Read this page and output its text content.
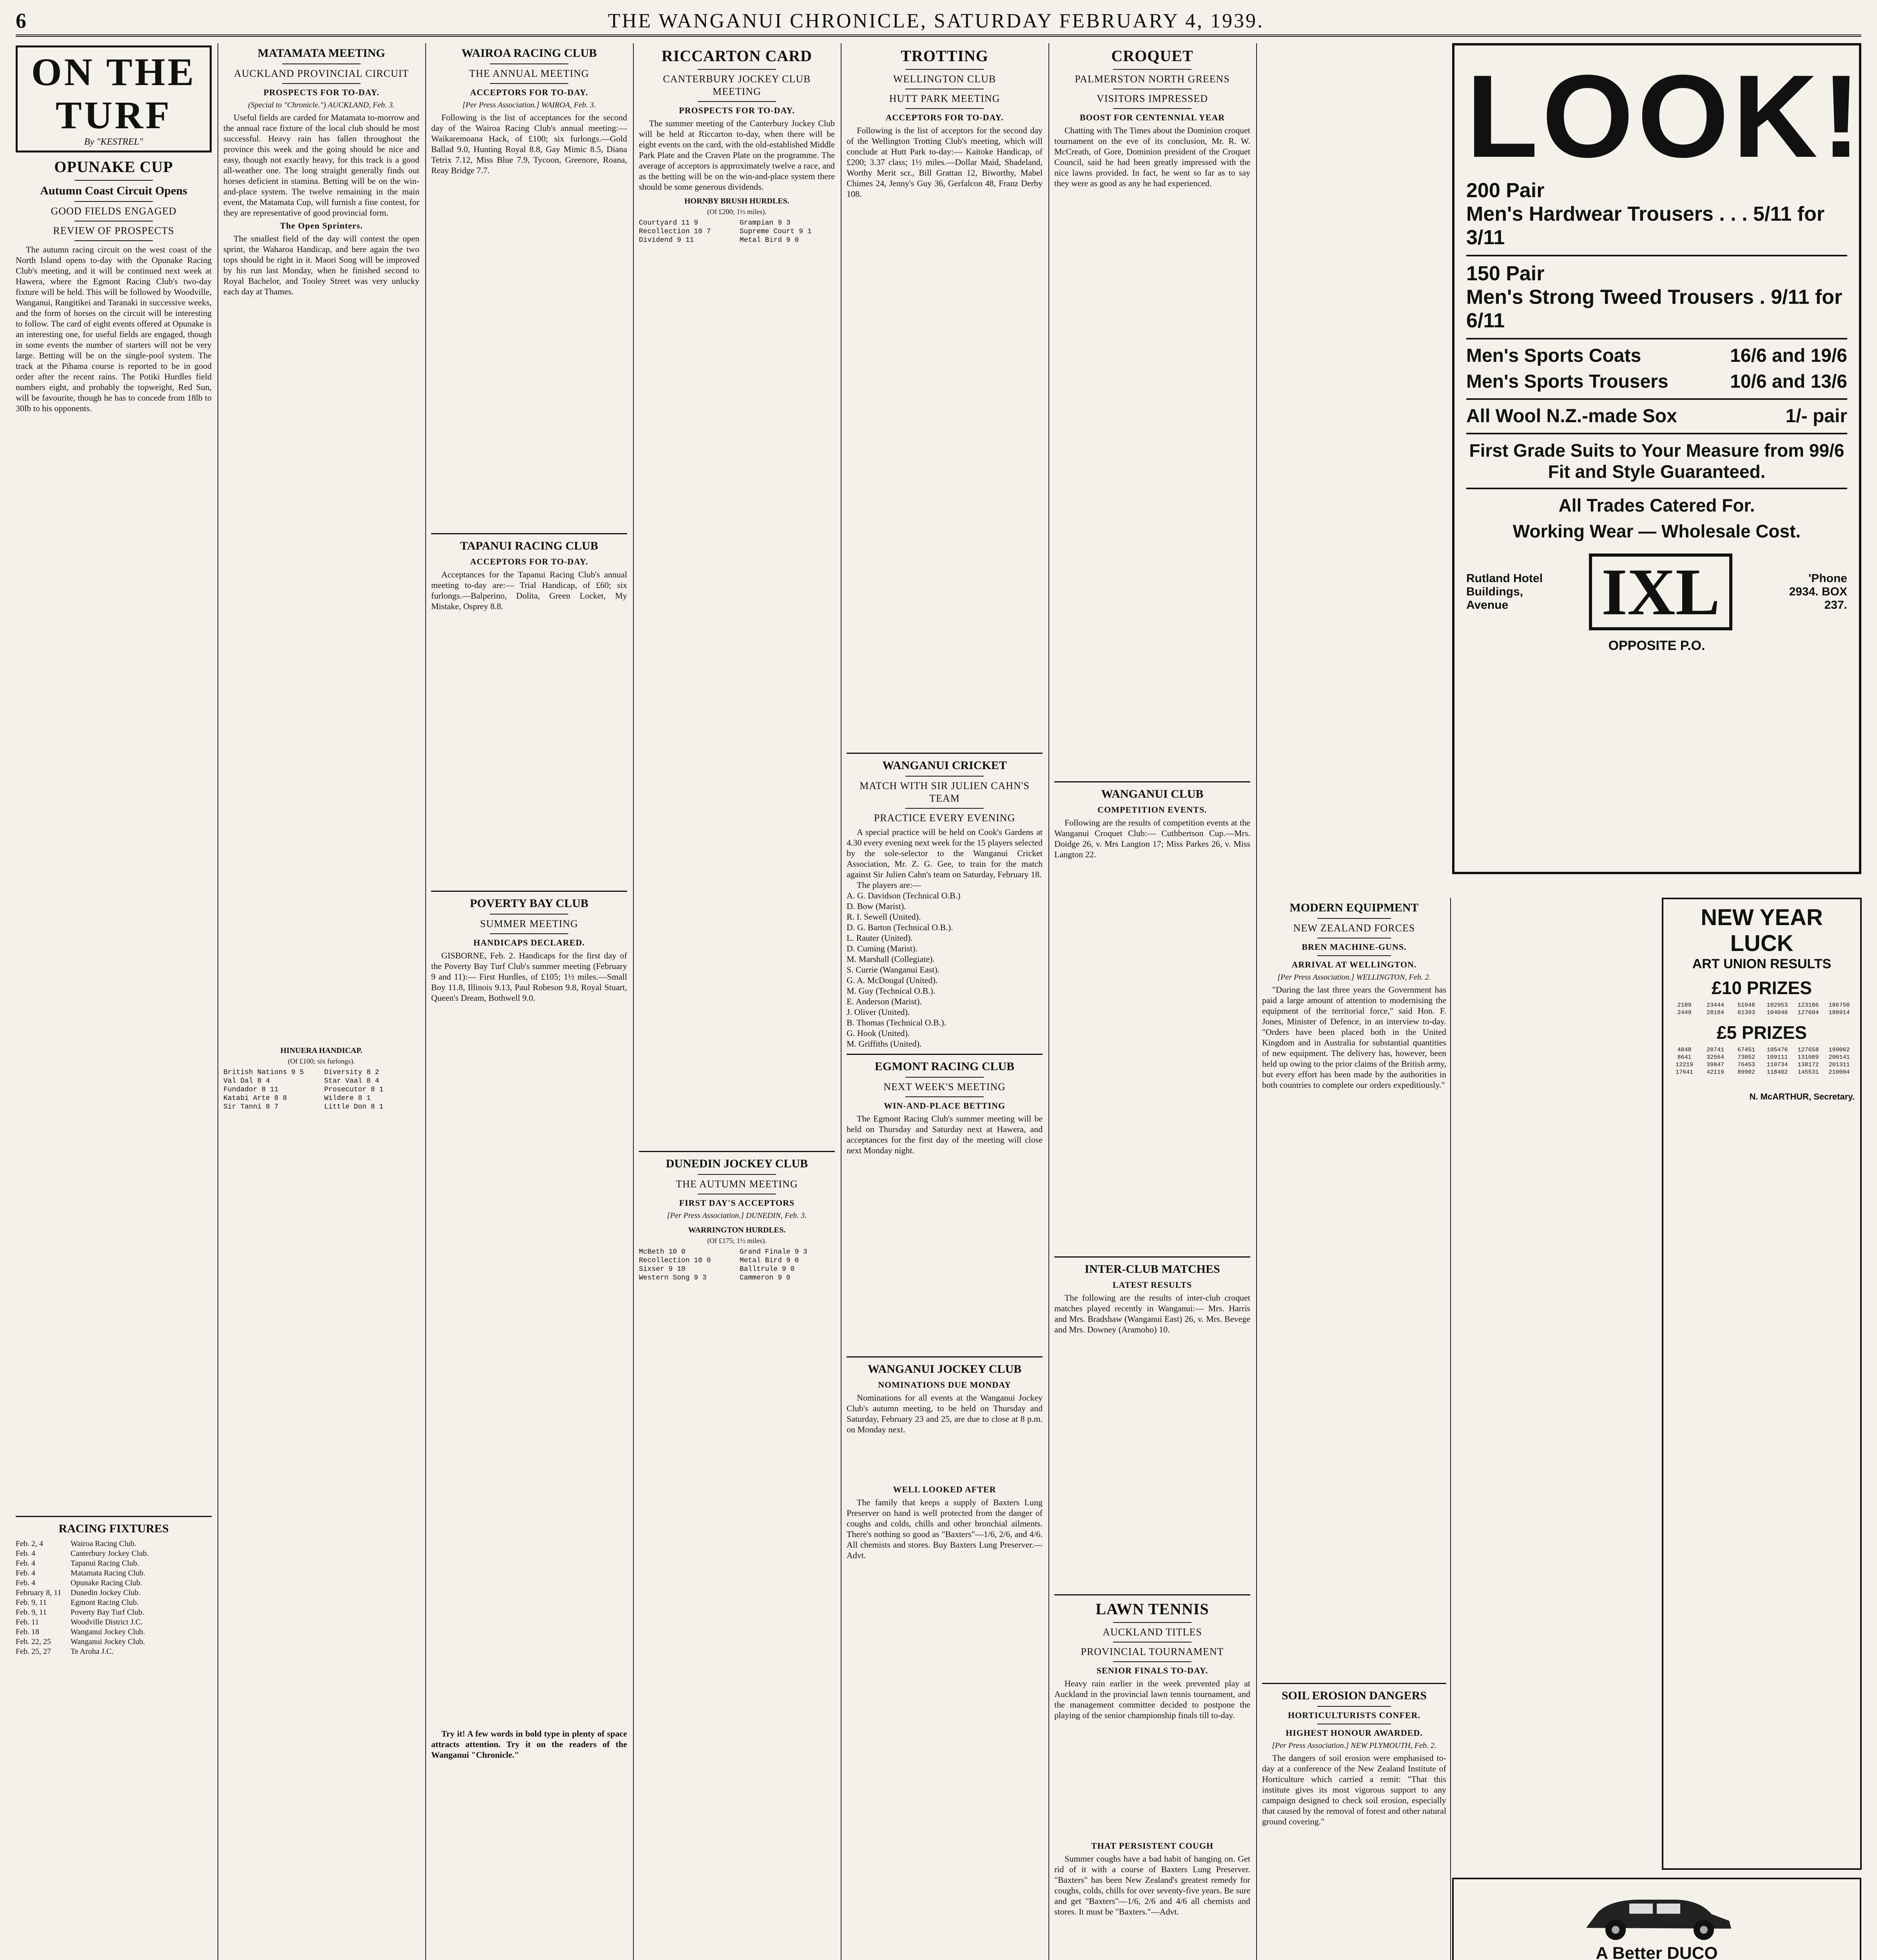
6	THE WANGANUI CHRONICLE, SATURDAY FEBRUARY 4, 1939.
ON THE TURF
By "KESTREL"
OPUNAKE CUP
Autumn Coast Circuit Opens
GOOD FIELDS ENGAGED
REVIEW OF PROSPECTS

The autumn racing circuit on the west coast of the North Island opens to-day with the Opunake Racing Club's meeting, and it will be continued next week at Hawera, where the Egmont Racing Club's two-day fixture will be held. This will be followed by Woodville, Wanganui, Rangitikei and Taranaki in successive weeks, and the form of horses on the circuit will be interesting to follow. The card of eight events offered at Opunake is an interesting one, for useful fields are engaged, though in some events the number of starters will not be very large. Betting will be on the single-pool system. The track at the Pihama course is reported to be in good order after the recent rains. The Potiki Hurdles field numbers eight, and probably the topweight, Red Sun, will be favourite, though he has to concede from 18lb to 30lb to his opponents.

RACING FIXTURES
Feb. 2, 4	Wairoa Racing Club.
Feb. 4	Canterbury Jockey Club.
Feb. 4	Tapanui Racing Club.
Feb. 4	Matamata Racing Club.
Feb. 4	Opunake Racing Club.
February 8, 11	Dunedin Jockey Club.
Feb. 9, 11	Egmont Racing Club.
Feb. 9, 11	Poverty Bay Turf Club.
Feb. 11	Woodville District J.C.
Feb. 18	Wanganui Jockey Club.
Feb. 22, 25	Wanganui Jockey Club.
Feb. 25, 27	Te Aroha J.C.
MATAMATA MEETING
AUCKLAND PROVINCIAL CIRCUIT
PROSPECTS FOR TO-DAY.
(Special to "Chronicle.") AUCKLAND, Feb. 3.

Useful fields are carded for Matamata to-morrow and the annual race fixture of the local club should be most successful. Heavy rain has fallen throughout the province this week and the going should be nice and easy, though not exactly heavy, for this track is a good all-weather one. The long straight generally finds out horses deficient in stamina. Betting will be on the win-and-place system. The twelve remaining in the main event, the Matamata Cup, will furnish a fine contest, for they are representative of good provincial form.

The Open Sprinters.

The smallest field of the day will contest the open sprint, the Waharoa Handicap, and here again the two tops should be right in it. Maori Song will be improved by his run last Monday, when he finished second to Royal Bachelor, and Tooley Street was very unlucky each day at Thames.

HINUERA HANDICAP.
(Of £100; six furlongs).
British Nations 9 5	Diversity 8 2
Val Dal 8 4	Star Vaal 8 4
Fundador 8 11	Prosecutor 8 1
Katabi Arte 8 8	Wildere 8 1
Sir Tanni 8 7	Little Don 8 1
WAIROA RACING CLUB
THE ANNUAL MEETING
ACCEPTORS FOR TO-DAY.
[Per Press Association.] WAIROA, Feb. 3.

Following is the list of acceptances for the second day of the Wairoa Racing Club's annual meeting:— Waikaremoana Hack, of £100; six furlongs.—Gold Ballad 9.0, Hunting Royal 8.8, Gay Mimic 8.5, Diana Tetrix 7.12, Miss Blue 7.9, Tycoon, Greenore, Roana, Reay Bridge 7.7.

TAPANUI RACING CLUB
ACCEPTORS FOR TO-DAY.

Acceptances for the Tapanui Racing Club's annual meeting to-day are:— Trial Handicap, of £60; six furlongs.—Balperino, Dolita, Green Locket, My Mistake, Osprey 8.8.

POVERTY BAY CLUB
SUMMER MEETING
HANDICAPS DECLARED.

GISBORNE, Feb. 2. Handicaps for the first day of the Poverty Bay Turf Club's summer meeting (February 9 and 11):— First Hurdles, of £105; 1½ miles.—Small Boy 11.8, Illinois 9.13, Paul Robeson 9.8, Royal Stuart, Queen's Dream, Bothwell 9.0.

Try it! A few words in bold type in plenty of space attracts attention. Try it on the readers of the Wanganui "Chronicle."

RICCARTON CARD
CANTERBURY JOCKEY CLUB MEETING
PROSPECTS FOR TO-DAY.

The summer meeting of the Canterbury Jockey Club will be held at Riccarton to-day, when there will be eight events on the card, with the old-established Middle Park Plate and the Craven Plate on the programme. The average of acceptors is approximately twelve a race, and as the betting will be on the win-and-place system there should be some generous dividends.

HORNBY BRUSH HURDLES.
(Of £200; 1½ miles).
Courtyard 11 9	Grampian 9 3
Recollection 10 7	Supreme Court 9 1
Dividend 9 11	Metal Bird 9 0
DUNEDIN JOCKEY CLUB
THE AUTUMN MEETING
FIRST DAY'S ACCEPTORS
[Per Press Association.] DUNEDIN, Feb. 3.
WARRINGTON HURDLES.
(Of £175; 1½ miles).
McBeth 10 0	Grand Finale 9 3
Recollection 10 0	Metal Bird 9 0
Sixser 9 10	Balltrule 9 0
Western Song 9 3	Cammeron 9 0
TROTTING
WELLINGTON CLUB
HUTT PARK MEETING
ACCEPTORS FOR TO-DAY.

Following is the list of acceptors for the second day of the Wellington Trotting Club's meeting, which will conclude at Hutt Park to-day:— Kaitoke Handicap, of £200; 3.37 class; 1½ miles.—Dollar Maid, Shadeland, Worthy Merit scr., Bill Grattan 12, Biworthy, Mabel Chimes 24, Jenny's Guy 36, Gerfalcon 48, Franz Derby 108.

WANGANUI CRICKET
MATCH WITH SIR JULIEN CAHN'S TEAM
PRACTICE EVERY EVENING

A special practice will be held on Cook's Gardens at 4.30 every evening next week for the 15 players selected by the sole-selector to the Wanganui Cricket Association, Mr. Z. G. Gee, to train for the match against Sir Julien Cahn's team on Saturday, February 18.

The players are:—

A. G. Davidson (Technical O.B.)
D. Bow (Marist).
R. I. Sewell (United).
D. G. Barton (Technical O.B.).
L. Rauter (United).
D. Cuming (Marist).
M. Marshall (Collegiate).
S. Currie (Wanganui East).
G. A. McDougal (United).
M. Guy (Technical O.B.).
E. Anderson (Marist).
J. Oliver (United).
B. Thomas (Technical O.B.).
G. Hook (United).
M. Griffiths (United).
EGMONT RACING CLUB
NEXT WEEK'S MEETING
WIN-AND-PLACE BETTING

The Egmont Racing Club's summer meeting will be held on Thursday and Saturday next at Hawera, and acceptances for the first day of the meeting will close next Monday night.

WANGANUI JOCKEY CLUB
NOMINATIONS DUE MONDAY

Nominations for all events at the Wanganui Jockey Club's autumn meeting, to be held on Thursday and Saturday, February 23 and 25, are due to close at 8 p.m. on Monday next.

WELL LOOKED AFTER

The family that keeps a supply of Baxters Lung Preserver on hand is well protected from the danger of coughs and colds, chills and other bronchial ailments. There's nothing so good as "Baxters"—1/6, 2/6, and 4/6. All chemists and stores. Buy Baxters Lung Preserver.—Advt.

CROQUET
PALMERSTON NORTH GREENS
VISITORS IMPRESSED
BOOST FOR CENTENNIAL YEAR

Chatting with The Times about the Dominion croquet tournament on the eve of its conclusion, Mr. R. W. McCreath, of Gore, Dominion president of the Croquet Council, said he had been greatly impressed with the nice lawns provided. In fact, he went so far as to say they were as good as any he had experienced.

WANGANUI CLUB
COMPETITION EVENTS.

Following are the results of competition events at the Wanganui Croquet Club:— Cuthbertson Cup.—Mrs. Doidge 26, v. Mrs Langton 17; Miss Parkes 26, v. Miss Langton 22.

INTER-CLUB MATCHES
LATEST RESULTS

The following are the results of inter-club croquet matches played recently in Wanganui:— Mrs. Harris and Mrs. Bradshaw (Wanganui East) 26, v. Mrs. Bevege and Mrs. Downey (Aramoho) 10.

LAWN TENNIS
AUCKLAND TITLES
PROVINCIAL TOURNAMENT
SENIOR FINALS TO-DAY.

Heavy rain earlier in the week prevented play at Auckland in the provincial lawn tennis tournament, and the management committee decided to postpone the playing of the senior championship finals till to-day.

THAT PERSISTENT COUGH

Summer coughs have a bad habit of hanging on. Get rid of it with a course of Baxters Lung Preserver. "Baxters" has been New Zealand's greatest remedy for coughs, colds, chills for over seventy-five years. Be sure and get "Baxters"—1/6, 2/6 and 4/6 all chemists and stores. It must be "Baxters."—Advt.

MODERN EQUIPMENT
NEW ZEALAND FORCES
BREN MACHINE-GUNS.
ARRIVAL AT WELLINGTON.
[Per Press Association.] WELLINGTON, Feb. 2.

"During the last three years the Government has paid a large amount of attention to modernising the equipment of the territorial force," said Hon. F. Jones, Minister of Defence, in an interview to-day. "Orders have been placed both in the United Kingdom and in Australia for substantial quantities of new equipment. The delivery has, however, been held up owing to the prior claims of the British army, but every effort has been made by the authorities in both countries to complete our orders expeditiously."

SOIL EROSION DANGERS
HORTICULTURISTS CONFER.
HIGHEST HONOUR AWARDED.
[Per Press Association.] NEW PLYMOUTH, Feb. 2.

The dangers of soil erosion were emphasised to-day at a conference of the New Zealand Institute of Horticulture which carried a remit: "That this institute gives its most vigorous support to any campaign designed to check soil erosion, especially that caused by the removal of forest and other natural ground covering."

LOOK!
200 Pair
Men's Hardwear Trousers . . . 5/11 for 3/11
150 Pair
Men's Strong Tweed Trousers . 9/11 for 6/11
Men's Sports Coats	16/6 and 19/6
Men's Sports Trousers	10/6 and 13/6
All Wool N.Z.-made Sox	1/- pair
First Grade Suits to Your Measure from 99/6 Fit and Style Guaranteed.
All Trades Catered For.
Working Wear — Wholesale Cost.
Rutland Hotel Buildings, Avenue	IXL	'Phone 2934. BOX 237.
OPPOSITE P.O.
NEW YEAR LUCK
ART UNION RESULTS
£10 PRIZES
2189	23444	51048	102953	123186	186750
2449	28184	61393	104046	127604	180914
£5 PRIZES
4848	20741	67451	105476	127658	199062
8641	32564	73052	109111	131089	200141
12219	39847	76453	110734	138172	201311
17641	42119	89902	118402	145531	210004
N. McARTHUR, Secretary.
A Better DUCO
